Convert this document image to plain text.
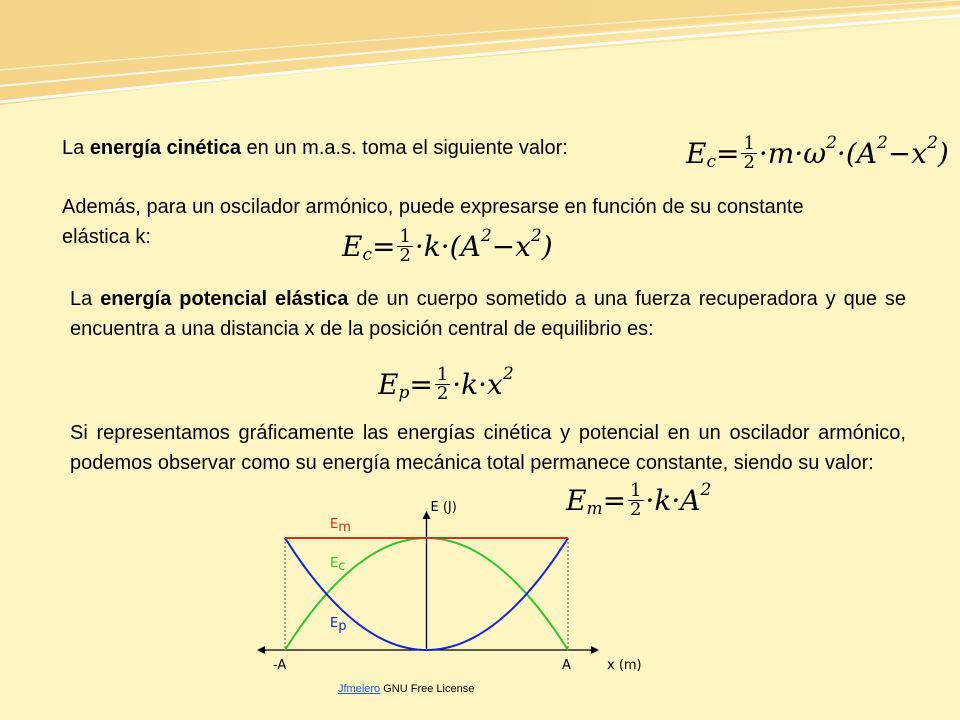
La energía cinética en un m.a.s. toma el siguiente valor:	E $c = \frac{1}{2} \cdot m\cdot\omega$ 2 ·(A 2 −x 2 )
Además, para un oscilador armónico, puede expresarse en función de su constante elástica k:	E $c = \frac{1}{2} \cdot k\cdot(A$ 2 −x 2 )
La energía potencial elástica de un cuerpo sometido a una fuerza recuperadora y que se encuentra a una distancia x de la posición central de equilibrio es:
E $p = \frac{1}{2} \cdot k\cdot x$ 2
Si representamos gráficamente las energías cinética y potencial en un oscilador armónico, podemos observar como su energía mecánica total permanece constante, siendo su valor:
E $m = \frac{1}{2} \cdot k\cdot A$ 2
E (J)
x (m)
-A	A
Em
Ec
Ep
Jfmelero GNU Free License
